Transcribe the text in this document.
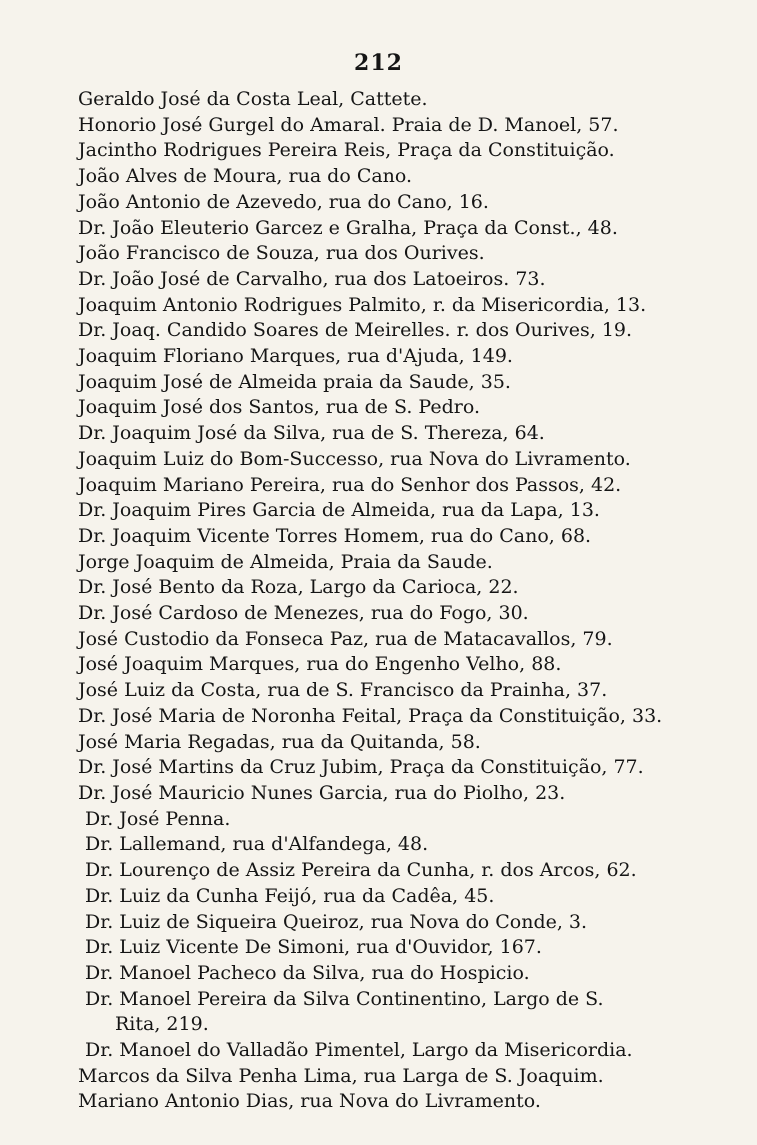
212
Geraldo José da Costa Leal, Cattete.
Honorio José Gurgel do Amaral. Praia de D. Manoel, 57.
Jacintho Rodrigues Pereira Reis, Praça da Constituição.
João Alves de Moura, rua do Cano.
João Antonio de Azevedo, rua do Cano, 16.
Dr. João Eleuterio Garcez e Gralha, Praça da Const., 48.
João Francisco de Souza, rua dos Ourives.
Dr. João José de Carvalho, rua dos Latoeiros. 73.
Joaquim Antonio Rodrigues Palmito, r. da Misericordia, 13.
Dr. Joaq. Candido Soares de Meirelles. r. dos Ourives, 19.
Joaquim Floriano Marques, rua d'Ajuda, 149.
Joaquim José de Almeida praia da Saude, 35.
Joaquim José dos Santos, rua de S. Pedro.
Dr. Joaquim José da Silva, rua de S. Thereza, 64.
Joaquim Luiz do Bom-Successo, rua Nova do Livramento.
Joaquim Mariano Pereira, rua do Senhor dos Passos, 42.
Dr. Joaquim Pires Garcia de Almeida, rua da Lapa, 13.
Dr. Joaquim Vicente Torres Homem, rua do Cano, 68.
Jorge Joaquim de Almeida, Praia da Saude.
Dr. José Bento da Roza, Largo da Carioca, 22.
Dr. José Cardoso de Menezes, rua do Fogo, 30.
José Custodio da Fonseca Paz, rua de Matacavallos, 79.
José Joaquim Marques, rua do Engenho Velho, 88.
José Luiz da Costa, rua de S. Francisco da Prainha, 37.
Dr. José Maria de Noronha Feital, Praça da Constituição, 33.
José Maria Regadas, rua da Quitanda, 58.
Dr. José Martins da Cruz Jubim, Praça da Constituição, 77.
Dr. José Mauricio Nunes Garcia, rua do Piolho, 23.
Dr. José Penna.
Dr. Lallemand, rua d'Alfandega, 48.
Dr. Lourenço de Assiz Pereira da Cunha, r. dos Arcos, 62.
Dr. Luiz da Cunha Feijó, rua da Cadêa, 45.
Dr. Luiz de Siqueira Queiroz, rua Nova do Conde, 3.
Dr. Luiz Vicente De Simoni, rua d'Ouvidor, 167.
Dr. Manoel Pacheco da Silva, rua do Hospicio.
Dr. Manoel Pereira da Silva Continentino, Largo de S.
Rita, 219.
Dr. Manoel do Valladão Pimentel, Largo da Misericordia.
Marcos da Silva Penha Lima, rua Larga de S. Joaquim.
Mariano Antonio Dias, rua Nova do Livramento.
